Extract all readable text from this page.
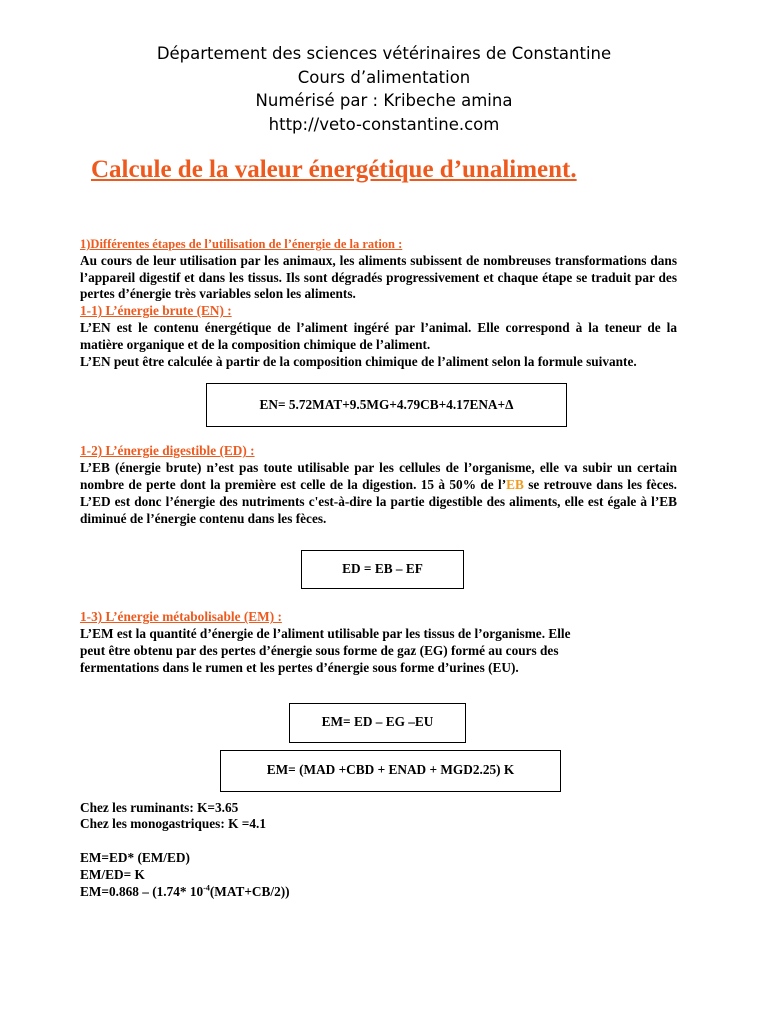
Département des sciences vétérinaires de Constantine
Cours d’alimentation
Numérisé par : Kribeche amina
http://veto-constantine.com
Calcule de la valeur énergétique d’unaliment.
1)Différentes étapes de l’utilisation de l’énergie de la ration :
Au cours de leur utilisation par les animaux, les aliments subissent de nombreuses transformations dans l’appareil digestif et dans les tissus. Ils sont dégradés progressivement et chaque étape se traduit par des pertes d’énergie très variables selon les aliments.
1-1) L’énergie brute (EN) :
L’EN est le contenu énergétique de l’aliment ingéré par l’animal. Elle correspond à la teneur de la matière organique et de la composition chimique de l’aliment.
L’EN peut être calculée à partir de la composition chimique de l’aliment selon la formule suivante.
EN= 5.72MAT+9.5MG+4.79CB+4.17ENA+Δ
1-2) L’énergie digestible (ED) :
L’EB (énergie brute) n’est pas toute utilisable par les cellules de l’organisme, elle va subir un certain nombre de perte dont la première est celle de la digestion. 15 à 50% de l’EB se retrouve dans les fèces. L’ED est donc l’énergie des nutriments c'est-à-dire la partie digestible des aliments, elle est égale à l’EB diminué de l’énergie contenu dans les fèces.
ED = EB – EF
1-3) L’énergie métabolisable (EM) :
L’EM est la quantité d’énergie de l’aliment utilisable par les tissus de l’organisme. Elle
peut être obtenu par des pertes d’énergie sous forme de gaz (EG) formé au cours des
fermentations dans le rumen et les pertes d’énergie sous forme d’urines (EU).
EM= ED – EG –EU
EM= (MAD +CBD + ENAD + MGD2.25) K
Chez les ruminants: K=3.65
Chez les monogastriques: K =4.1
EM=ED* (EM/ED)
EM/ED= K
EM=0.868 – (1.74* $10^{-4}(MAT+CB/2)$)
